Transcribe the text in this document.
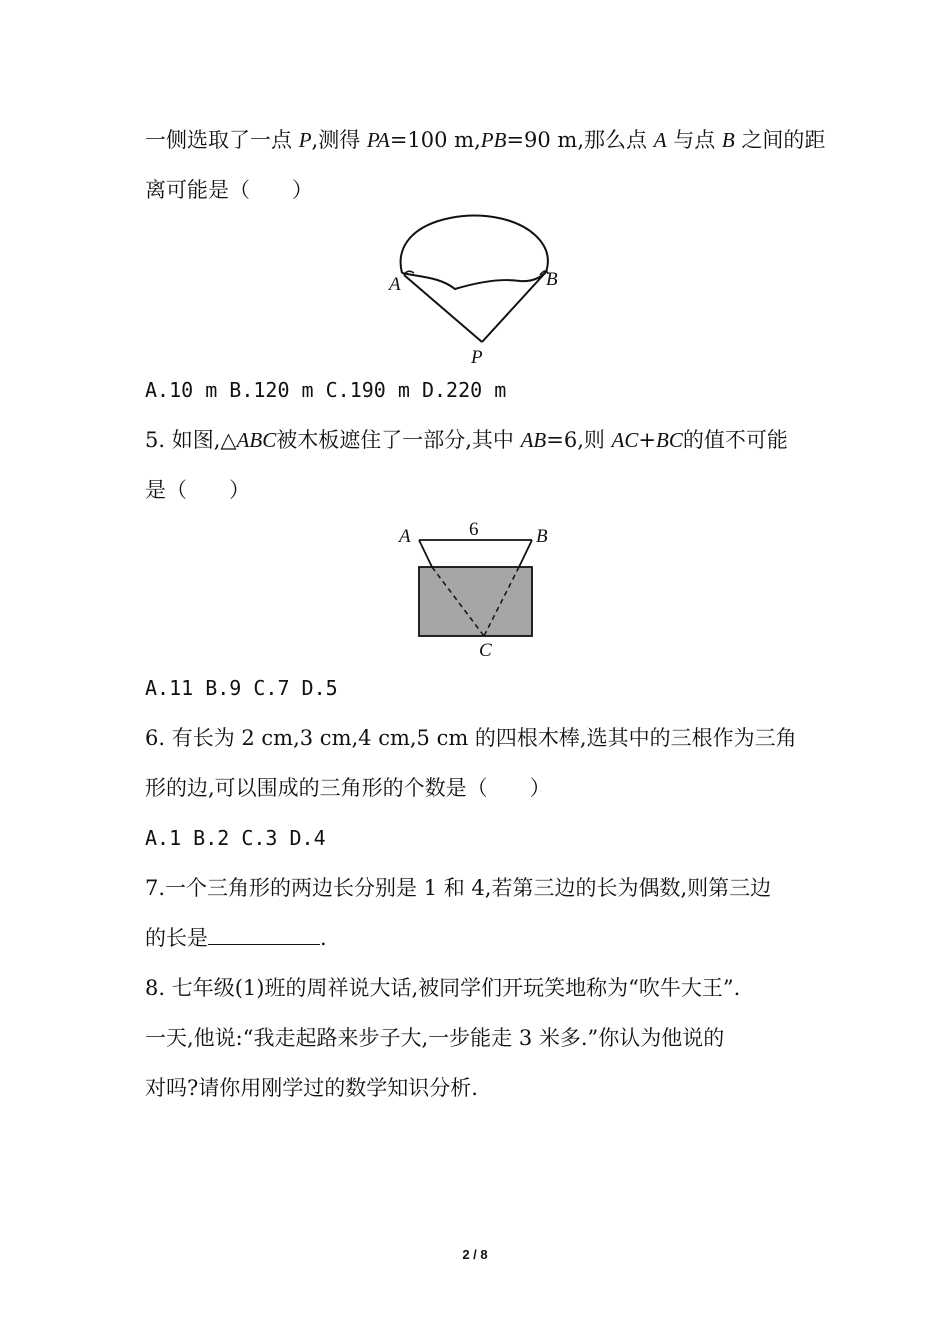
一侧选取了一点 P,测得 PA=100 m,PB=90 m,那么点 A 与点 B 之间的距
离可能是（　　）
A	B
P
A.10 m B.120 m C.190 m D.220 m
5. 如图,△ABC被木板遮住了一部分,其中 AB=6,则 AC+BC的值不可能
是（　　）
A	B
C
6
A.11 B.9 C.7 D.5
6. 有长为 2 cm,3 cm,4 cm,5 cm 的四根木棒,选其中的三根作为三角
形的边,可以围成的三角形的个数是（　　）
A.1 B.2 C.3 D.4
7.一个三角形的两边长分别是 1 和 4,若第三边的长为偶数,则第三边
的长是	.
8. 七年级(1)班的周祥说大话,被同学们开玩笑地称为“吹牛大王”.
一天,他说:“我走起路来步子大,一步能走 3 米多.”你认为他说的
对吗?请你用刚学过的数学知识分析.
2 / 8
